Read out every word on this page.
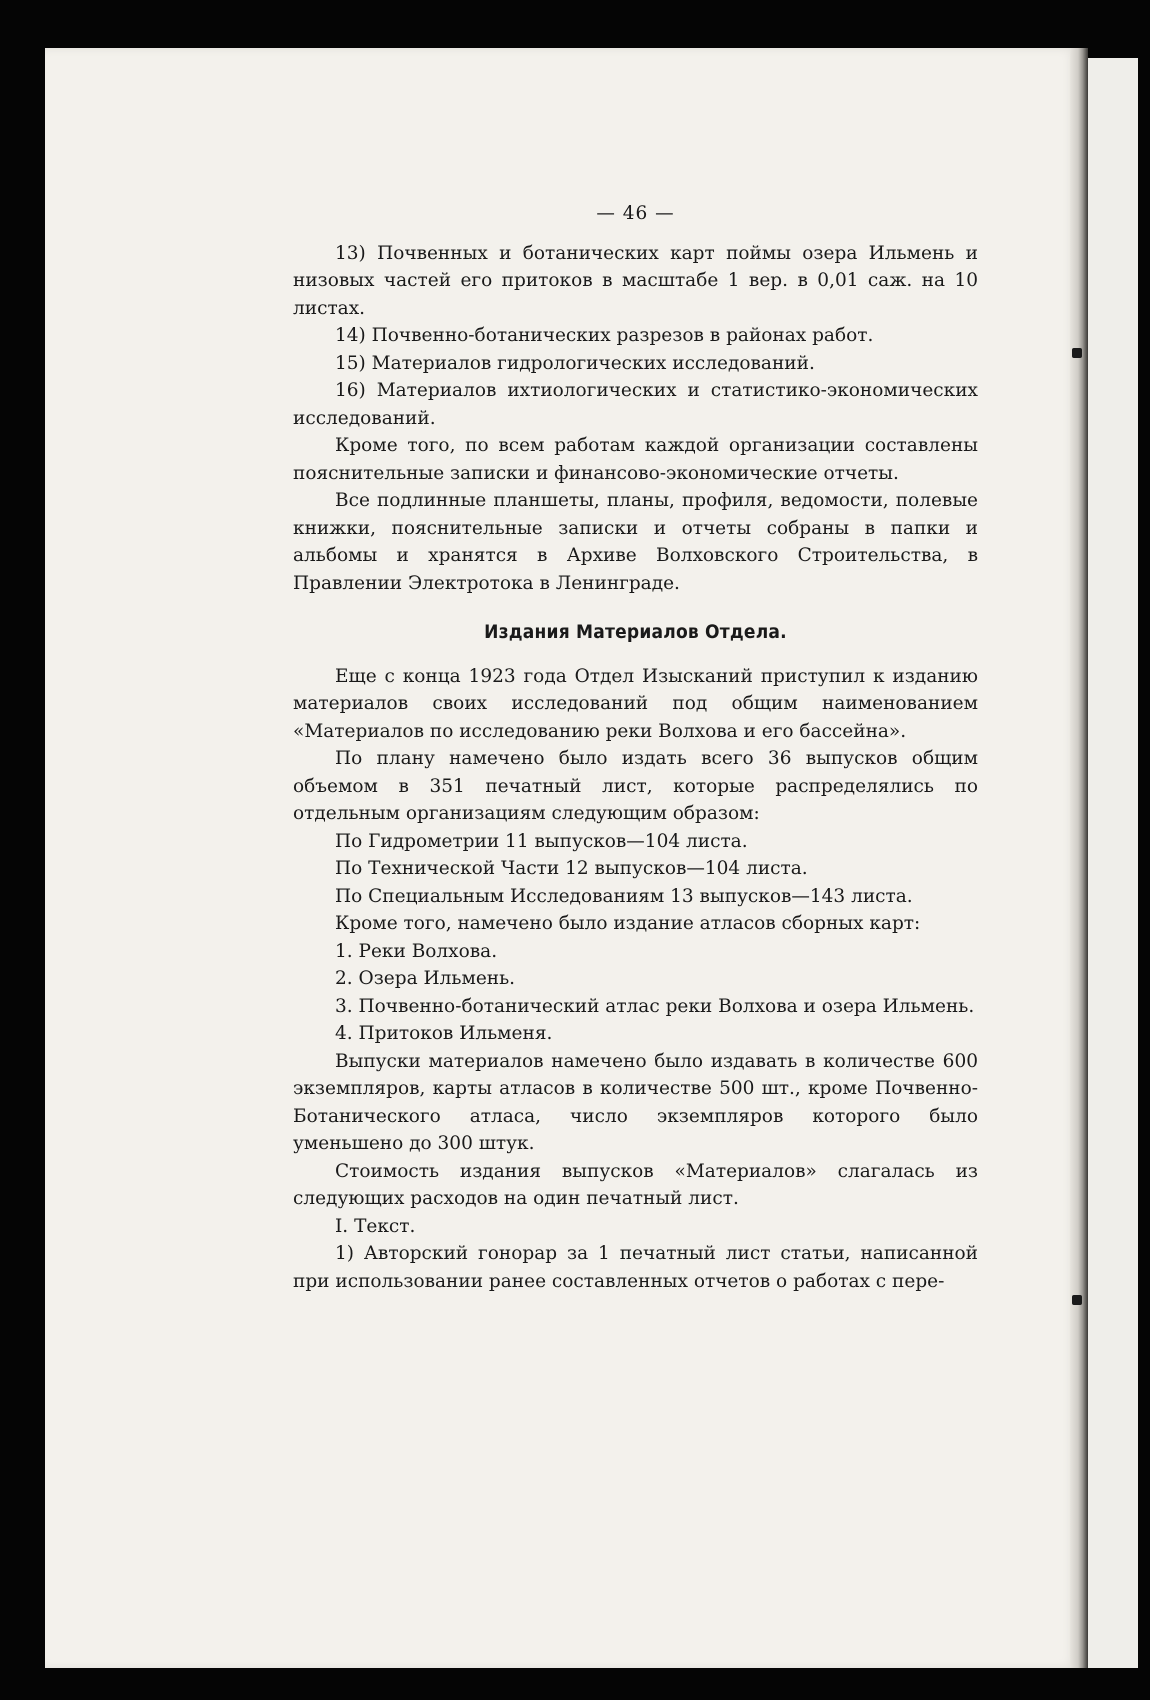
— 46 —

13) Почвенных и ботанических карт поймы озера Ильмень и низовых частей его притоков в масштабе 1 вер. в 0,01 саж. на 10 листах.

14) Почвенно-ботанических разрезов в районах работ.

15) Материалов гидрологических исследований.

16) Материалов ихтиологических и статистико-экономических исследований.

Кроме того, по всем работам каждой организации составлены пояснительные записки и финансово-экономические отчеты.

Все подлинные планшеты, планы, профиля, ведомости, полевые книжки, пояснительные записки и отчеты собраны в папки и альбомы и хранятся в Архиве Волховского Строительства, в Правлении Электротока в Ленинграде.

Издания Материалов Отдела.

Еще с конца 1923 года Отдел Изысканий приступил к изданию материалов своих исследований под общим наименованием «Материалов по исследованию реки Волхова и его бассейна».

По плану намечено было издать всего 36 выпусков общим объемом в 351 печатный лист, которые распределялись по отдельным организациям следующим образом:

По Гидрометрии 11 выпусков—104 листа.

По Технической Части 12 выпусков—104 листа.

По Специальным Исследованиям 13 выпусков—143 листа.

Кроме того, намечено было издание атласов сборных карт:

1. Реки Волхова.

2. Озера Ильмень.

3. Почвенно-ботанический атлас реки Волхова и озера Ильмень.

4. Притоков Ильменя.

Выпуски материалов намечено было издавать в количестве 600 экземпляров, карты атласов в количестве 500 шт., кроме Почвенно-Ботанического атласа, число экземпляров которого было уменьшено до 300 штук.

Стоимость издания выпусков «Материалов» слагалась из следующих расходов на один печатный лист.

I. Текст.

1) Авторский гонорар за 1 печатный лист статьи, написанной при использовании ранее составленных отчетов о работах с пере-
